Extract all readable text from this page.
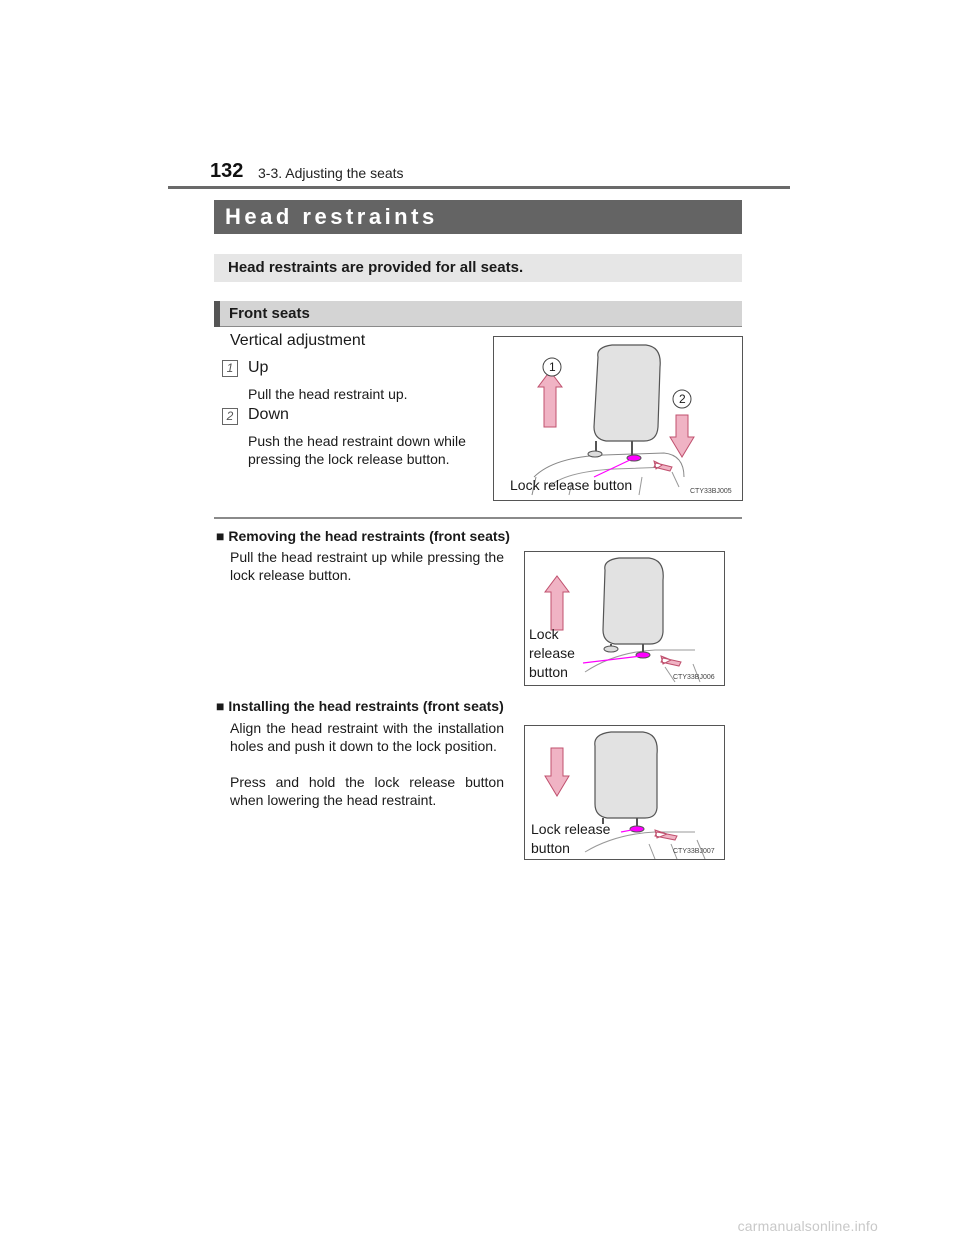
132 3-3. Adjusting the seats
Head restraints
Head restraints are provided for all seats.
Front seats
Vertical adjustment
1 Up
Pull the head restraint up.
2 Down
Push the head restraint down while pressing the lock release button.
1
2
Lock release button	CTY33BJ005
■ Removing the head restraints (front seats)
Pull the head restraint up while pressing the lock release button.
Lock
release
button	CTY33BJ006
■ Installing the head restraints (front seats)
Align the head restraint with the installation holes and push it down to the lock position.
Press and hold the lock release button when lowering the head restraint.
Lock release
button	CTY33BJ007
carmanualsonline.info
